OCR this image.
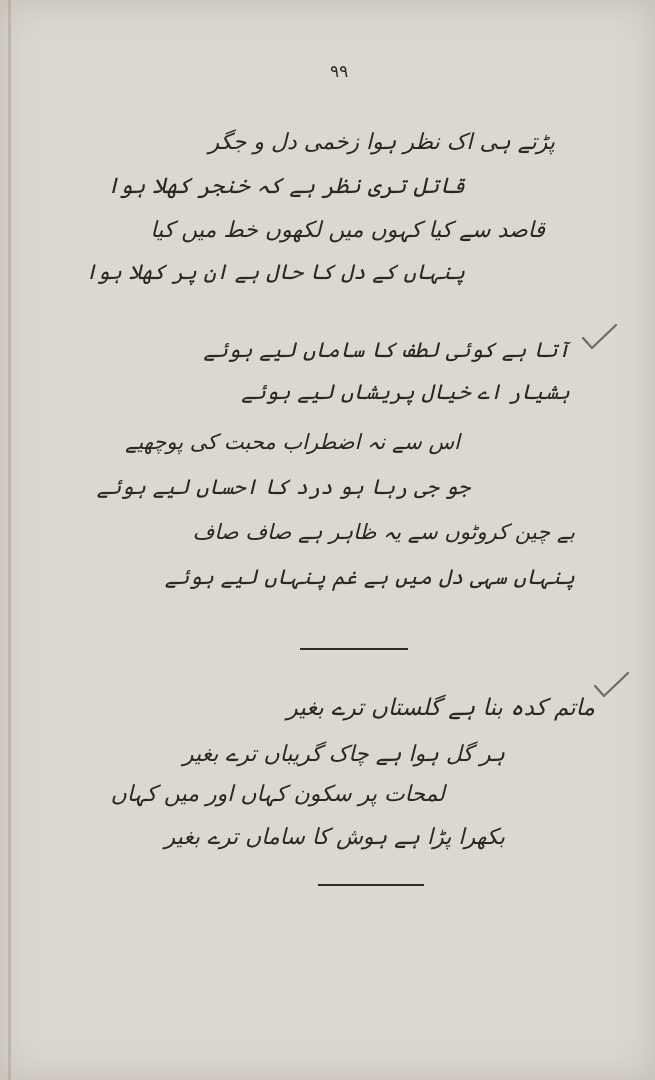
۹۹
پڑتے ہی اک نظر ہوا زخمی دل و جگر
قاتل تری نظر ہے کہ خنجر کھلا ہوا
قاصد سے کیا کہوں میں لکھوں خط میں کیا
پنہاں کے دل کا حال ہے ان پر کھلا ہوا
آتا ہے کوئی لطف کا ساماں لیے ہوئے
ہشیار اے خیال پریشاں لیے ہوئے
اس سے نہ اضطراب محبت کی پوچھیے
جو جی رہا ہو درد کا احساں لیے ہوئے
بے چین کروٹوں سے یہ ظاہر ہے صاف صاف
پنہاں سہی دل میں ہے غم پنہاں لیے ہوئے
ماتم کدہ بنا ہے گلستاں ترے بغیر
ہر گل ہوا ہے چاک گریباں ترے بغیر
لمحات پر سکون کہاں اور میں کہاں
بکھرا پڑا ہے ہوش کا ساماں ترے بغیر
